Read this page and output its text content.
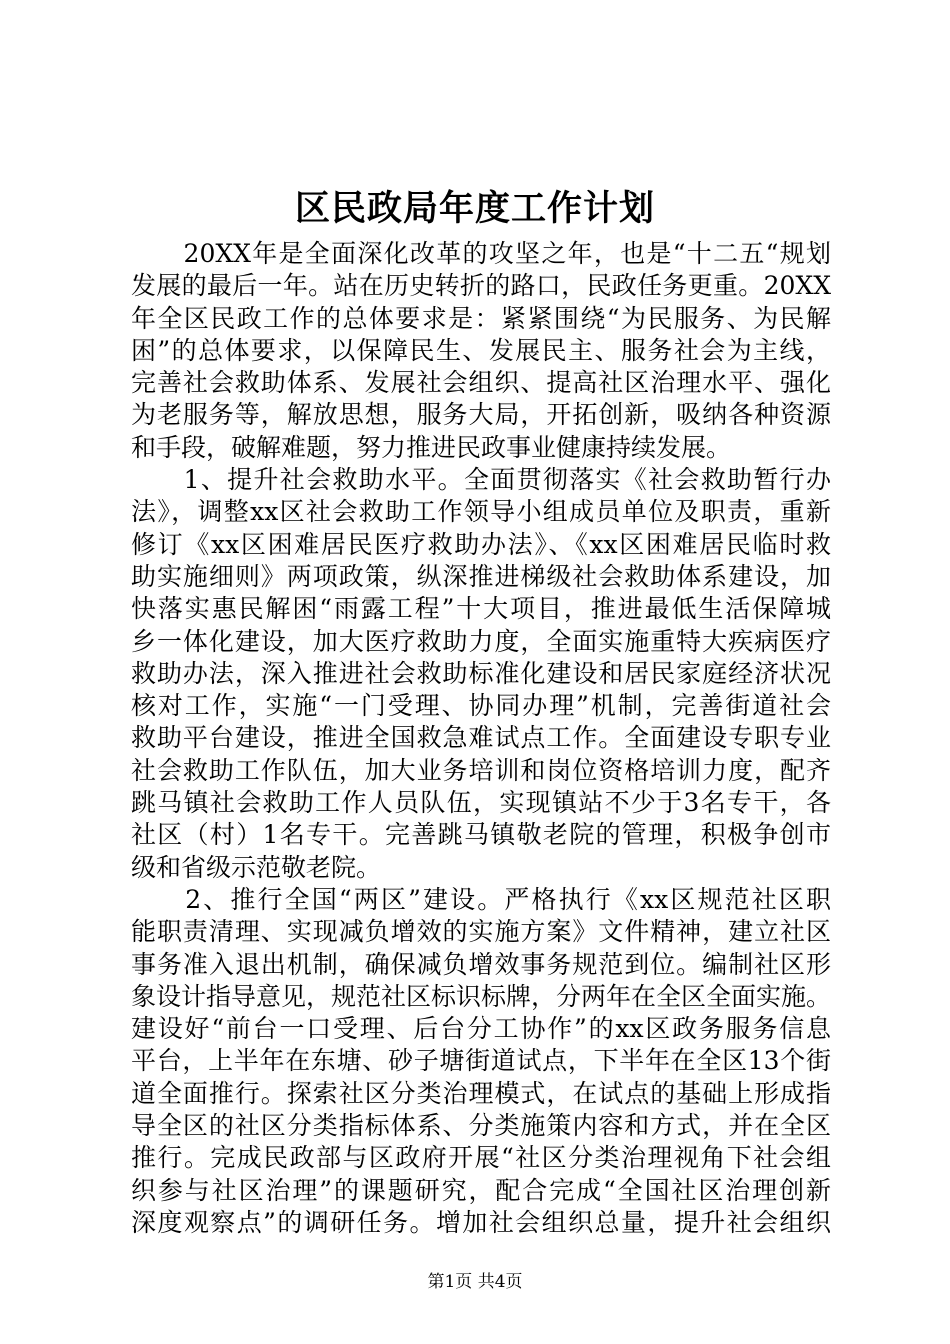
区民政局年度工作计划
　　20XX年是全面深化改革的攻坚之年，也是“十二五“规划
发展的最后一年。站在历史转折的路口，民政任务更重。20XX
年全区民政工作的总体要求是：紧紧围绕“为民服务、为民解
困”的总体要求，以保障民生、发展民主、服务社会为主线，
完善社会救助体系、发展社会组织、提高社区治理水平、强化
为老服务等，解放思想，服务大局，开拓创新，吸纳各种资源
和手段，破解难题，努力推进民政事业健康持续发展。
　　1、提升社会救助水平。全面贯彻落实《社会救助暂行办
法》，调整xx区社会救助工作领导小组成员单位及职责，重新
修订《xx区困难居民医疗救助办法》、《xx区困难居民临时救
助实施细则》两项政策，纵深推进梯级社会救助体系建设，加
快落实惠民解困“雨露工程”十大项目，推进最低生活保障城
乡一体化建设，加大医疗救助力度，全面实施重特大疾病医疗
救助办法，深入推进社会救助标准化建设和居民家庭经济状况
核对工作，实施“一门受理、协同办理”机制，完善街道社会
救助平台建设，推进全国救急难试点工作。全面建设专职专业
社会救助工作队伍，加大业务培训和岗位资格培训力度，配齐
跳马镇社会救助工作人员队伍，实现镇站不少于3名专干，各
社区（村）1名专干。完善跳马镇敬老院的管理，积极争创市
级和省级示范敬老院。
　　2、推行全国“两区”建设。严格执行《xx区规范社区职
能职责清理、实现减负增效的实施方案》文件精神，建立社区
事务准入退出机制，确保减负增效事务规范到位。编制社区形
象设计指导意见，规范社区标识标牌，分两年在全区全面实施。
建设好“前台一口受理、后台分工协作”的xx区政务服务信息
平台，上半年在东塘、砂子塘街道试点，下半年在全区13个街
道全面推行。探索社区分类治理模式，在试点的基础上形成指
导全区的社区分类指标体系、分类施策内容和方式，并在全区
推行。完成民政部与区政府开展“社区分类治理视角下社会组
织参与社区治理”的课题研究，配合完成“全国社区治理创新
深度观察点”的调研任务。增加社会组织总量，提升社会组织
第1页 共4页
